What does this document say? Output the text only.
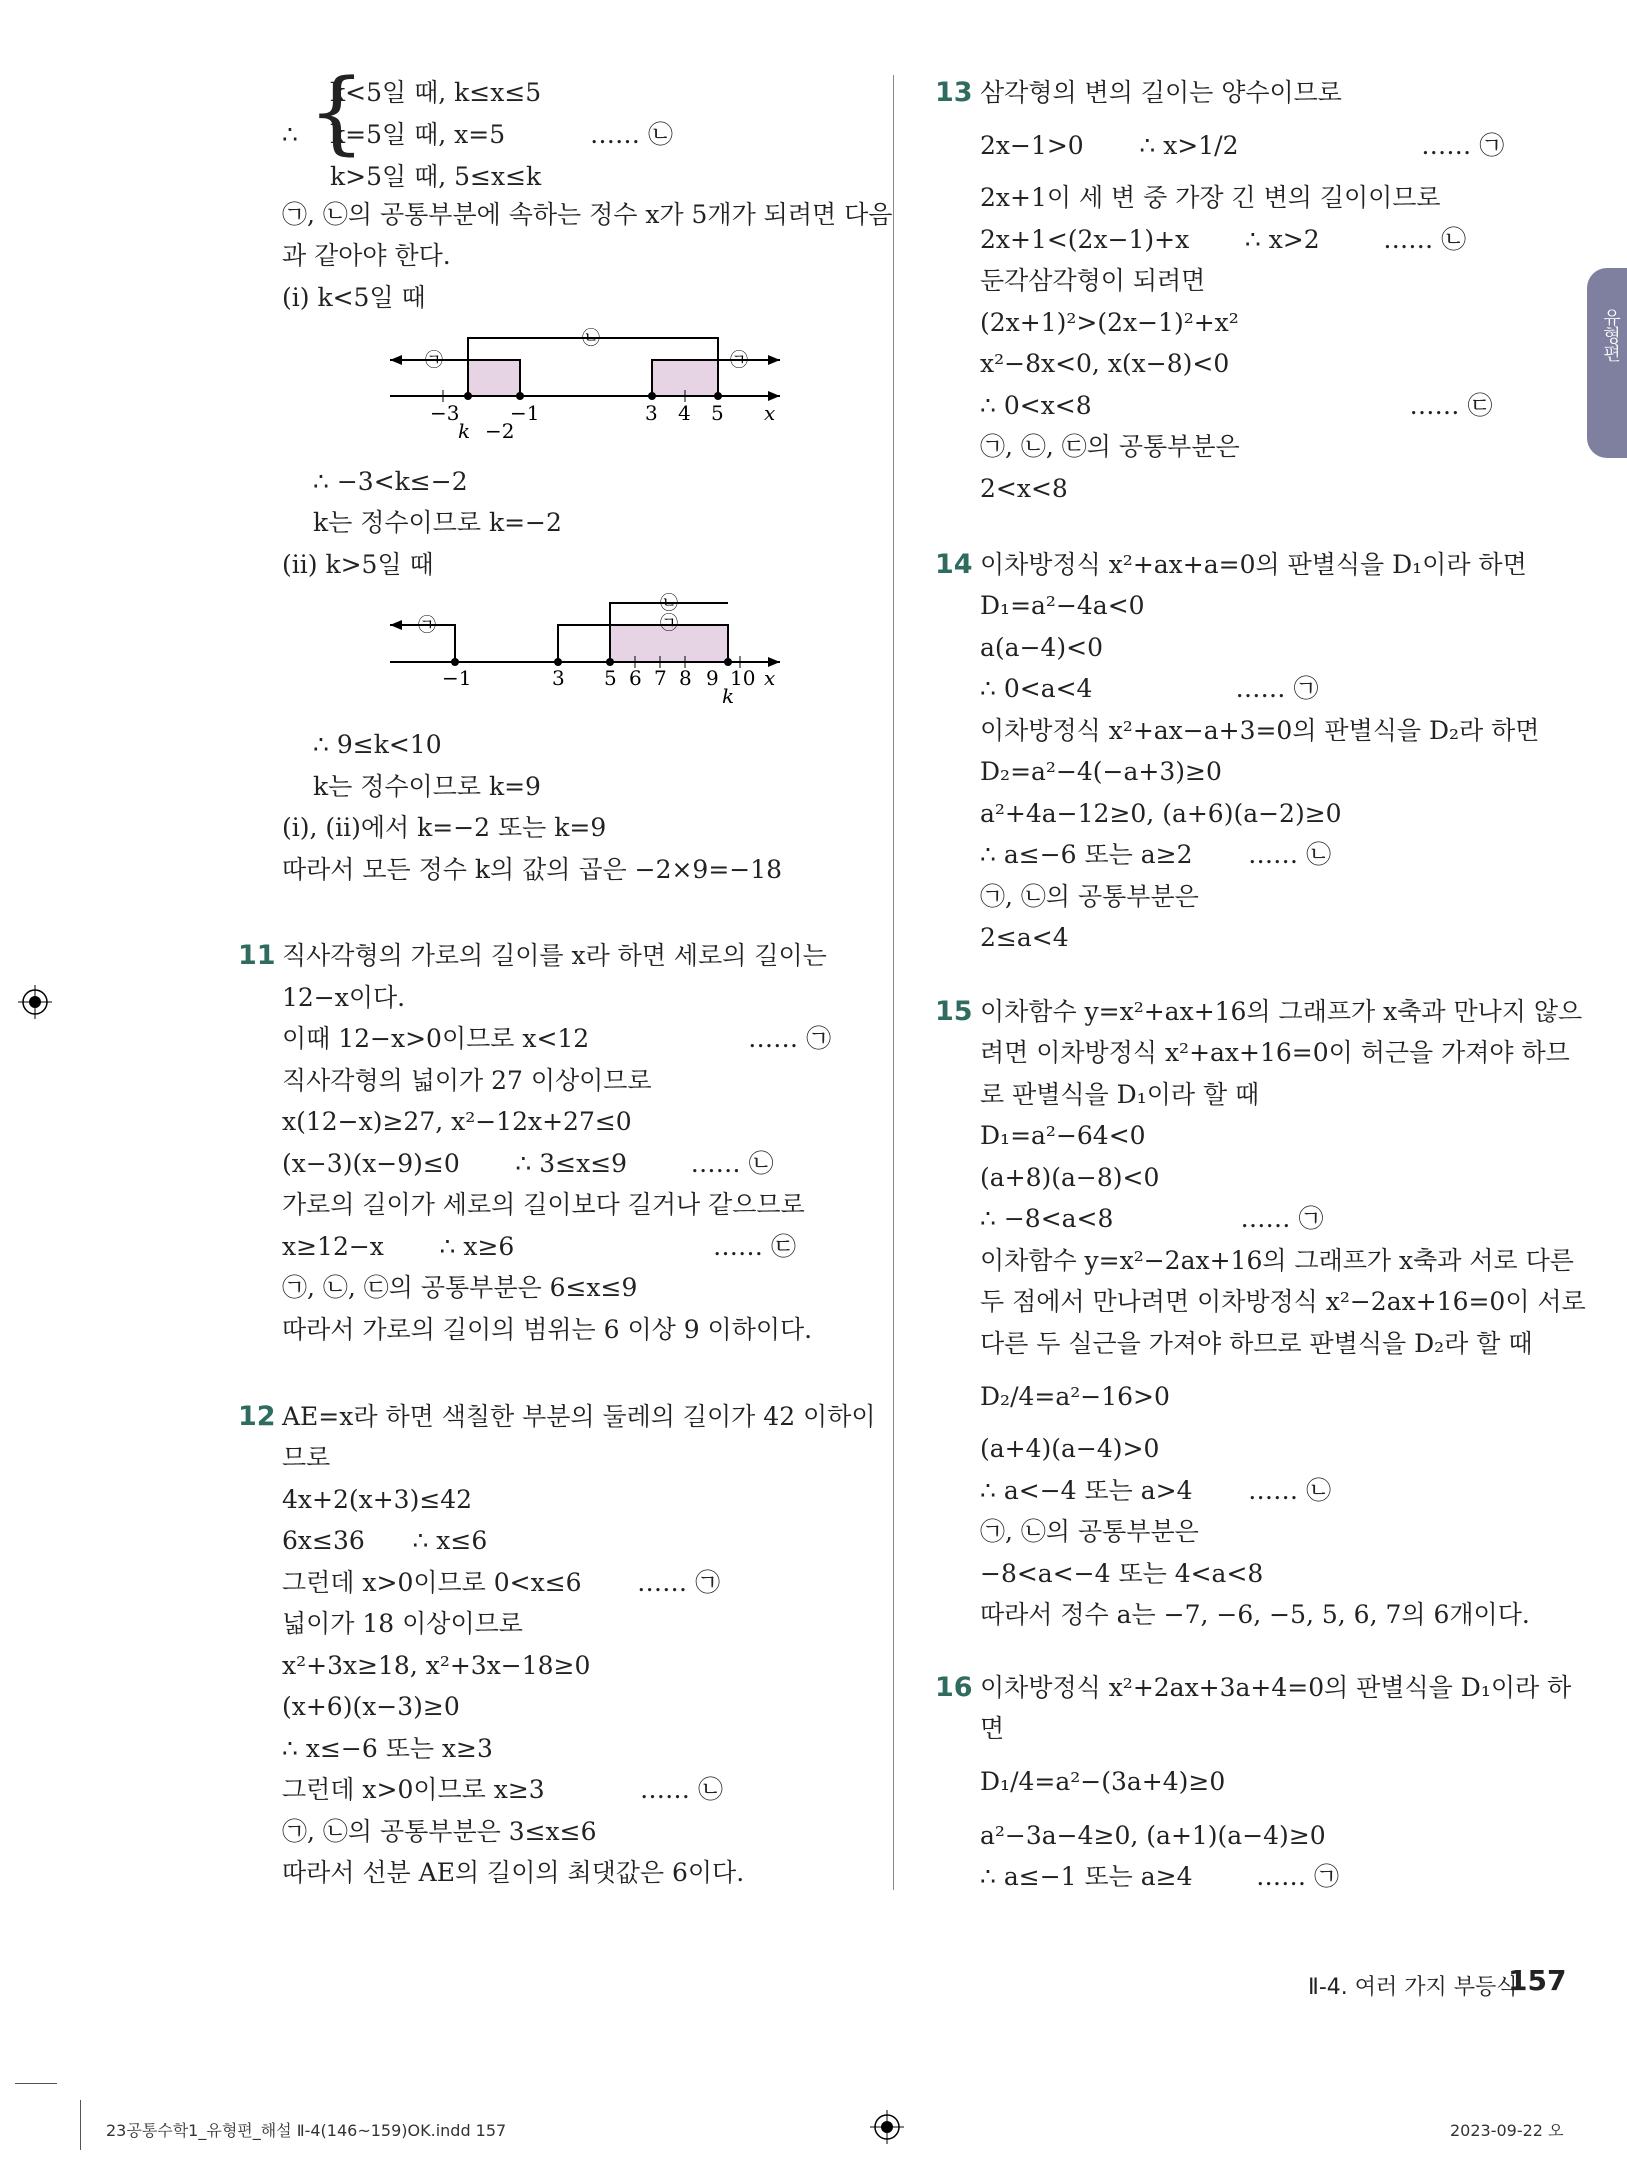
유형편
{
∴
k<5일 때, k≤x≤5
k=5일 때, x=5
k>5일 때, 5≤x≤k
…… ㉡
㉠, ㉡의 공통부분에 속하는 정수 x가 5개가 되려면 다음
과 같아야 한다.
(ⅰ) k<5일 때
−3	−1	3 4 5 x
k −2
㉠
㉡
㉠
∴ −3<k≤−2
k는 정수이므로 k=−2
(ⅱ) k>5일 때
−1	3 5 6 7 8 9 10 x
k
㉠
㉡
㉠
∴ 9≤k<10
k는 정수이므로 k=9
(ⅰ), (ⅱ)에서 k=−2 또는 k=9
따라서 모든 정수 k의 값의 곱은 −2×9=−18
11 직사각형의 가로의 길이를 x라 하면 세로의 길이는
12−x이다.
이때 12−x>0이므로 x<12                    …… ㉠
직사각형의 넓이가 27 이상이므로
x(12−x)≥27, x²−12x+27≤0
(x−3)(x−9)≤0       ∴ 3≤x≤9        …… ㉡
가로의 길이가 세로의 길이보다 길거나 같으므로
x≥12−x       ∴ x≥6                         …… ㉢
㉠, ㉡, ㉢의 공통부분은 6≤x≤9
따라서 가로의 길이의 범위는 6 이상 9 이하이다.
12 AE=x라 하면 색칠한 부분의 둘레의 길이가 42 이하이
므로
4x+2(x+3)≤42
6x≤36      ∴ x≤6
그런데 x>0이므로 0<x≤6       …… ㉠
넓이가 18 이상이므로
x²+3x≥18, x²+3x−18≥0
(x+6)(x−3)≥0
∴ x≤−6 또는 x≥3
그런데 x>0이므로 x≥3            …… ㉡
㉠, ㉡의 공통부분은 3≤x≤6
따라서 선분 AE의 길이의 최댓값은 6이다.
13 삼각형의 변의 길이는 양수이므로
2x−1>0       ∴ x>1/2                       …… ㉠
2x+1이 세 변 중 가장 긴 변의 길이이므로
2x+1<(2x−1)+x       ∴ x>2        …… ㉡
둔각삼각형이 되려면
(2x+1)²>(2x−1)²+x²
x²−8x<0, x(x−8)<0
∴ 0<x<8                                        …… ㉢
㉠, ㉡, ㉢의 공통부분은
2<x<8
14 이차방정식 x²+ax+a=0의 판별식을 D₁이라 하면
D₁=a²−4a<0
a(a−4)<0
∴ 0<a<4                  …… ㉠
이차방정식 x²+ax−a+3=0의 판별식을 D₂라 하면
D₂=a²−4(−a+3)≥0
a²+4a−12≥0, (a+6)(a−2)≥0
∴ a≤−6 또는 a≥2       …… ㉡
㉠, ㉡의 공통부분은
2≤a<4
15 이차함수 y=x²+ax+16의 그래프가 x축과 만나지 않으
려면 이차방정식 x²+ax+16=0이 허근을 가져야 하므
로 판별식을 D₁이라 할 때
D₁=a²−64<0
(a+8)(a−8)<0
∴ −8<a<8                …… ㉠
이차함수 y=x²−2ax+16의 그래프가 x축과 서로 다른
두 점에서 만나려면 이차방정식 x²−2ax+16=0이 서로
다른 두 실근을 가져야 하므로 판별식을 D₂라 할 때
D₂/4=a²−16>0
(a+4)(a−4)>0
∴ a<−4 또는 a>4       …… ㉡
㉠, ㉡의 공통부분은
−8<a<−4 또는 4<a<8
따라서 정수 a는 −7, −6, −5, 5, 6, 7의 6개이다.
16 이차방정식 x²+2ax+3a+4=0의 판별식을 D₁이라 하
면
D₁/4=a²−(3a+4)≥0
a²−3a−4≥0, (a+1)(a−4)≥0
∴ a≤−1 또는 a≥4        …… ㉠
Ⅱ-4. 여러 가지 부등식
157
23공통수학1_유형편_해설 Ⅱ-4(146~159)OK.indd 157	2023-09-22 오
